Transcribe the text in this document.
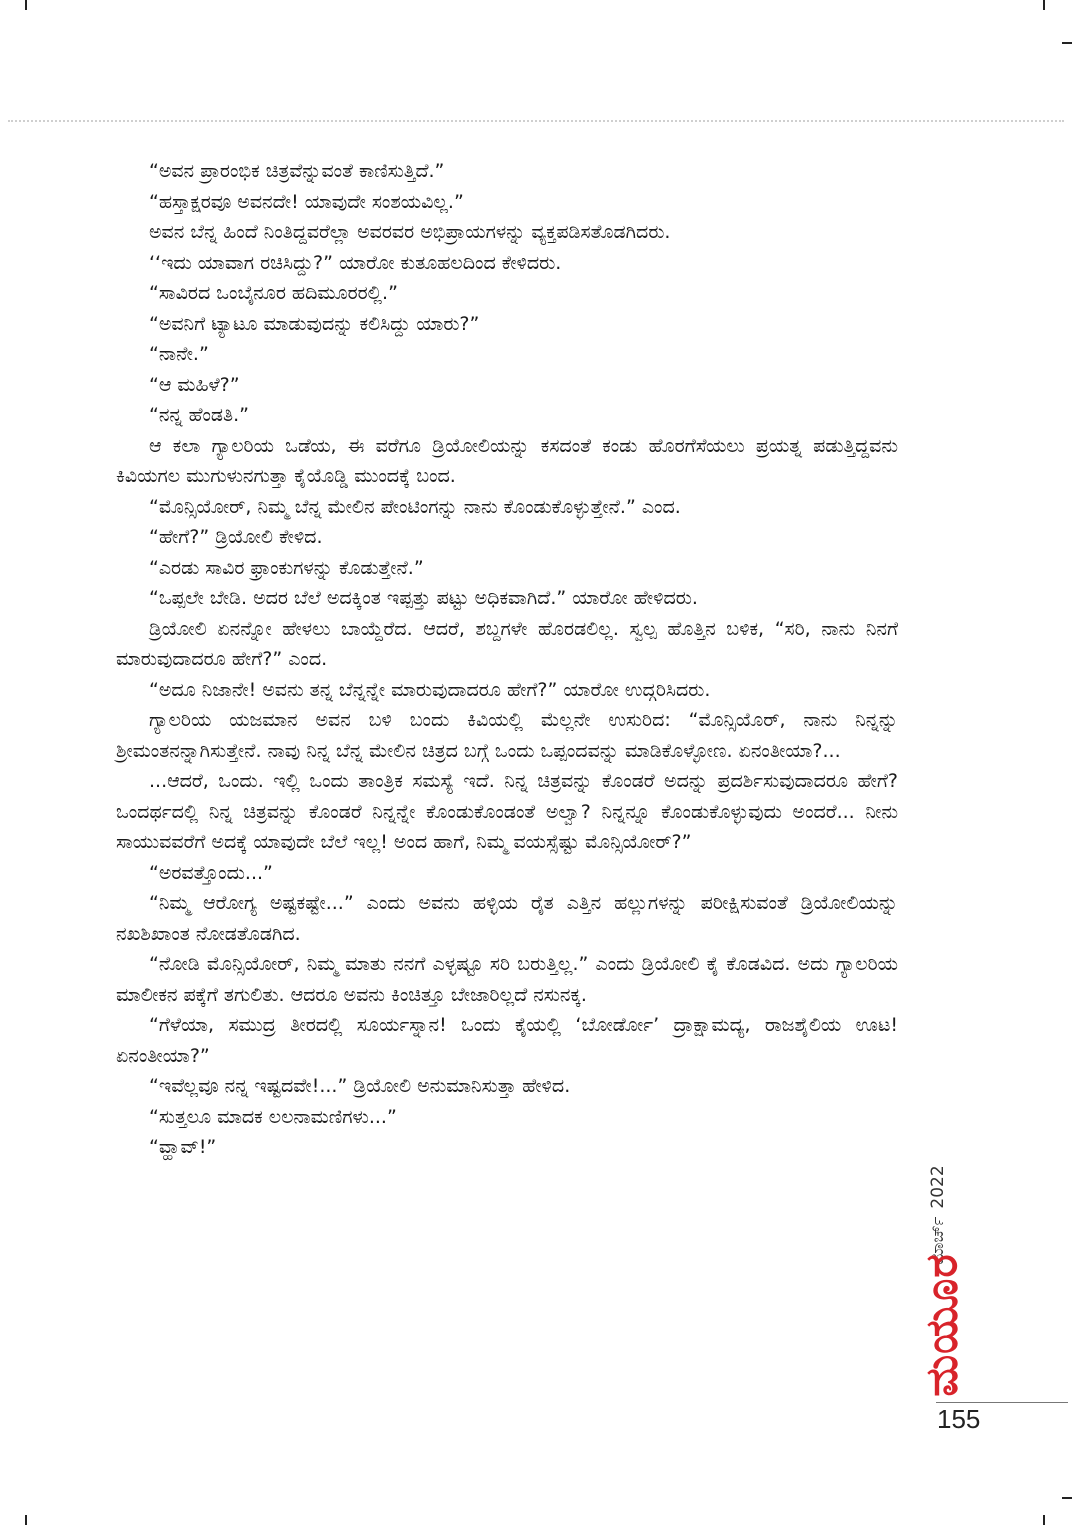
“ಅವನ ಪ್ರಾರಂಭಿಕ ಚಿತ್ರವೆನ್ನುವಂತೆ ಕಾಣಿಸುತ್ತಿದೆ.”

“ಹಸ್ತಾಕ್ಷರವೂ ಅವನದೇ! ಯಾವುದೇ ಸಂಶಯವಿಲ್ಲ.”

ಅವನ ಬೆನ್ನ ಹಿಂದೆ ನಿಂತಿದ್ದವರೆಲ್ಲಾ ಅವರವರ ಅಭಿಪ್ರಾಯಗಳನ್ನು ವ್ಯಕ್ತಪಡಿಸತೊಡಗಿದರು.

‘‘ಇದು ಯಾವಾಗ ರಚಿಸಿದ್ದು?” ಯಾರೋ ಕುತೂಹಲದಿಂದ ಕೇಳಿದರು.

“ಸಾವಿರದ ಒಂಬೈನೂರ ಹದಿಮೂರರಲ್ಲಿ.”

“ಅವನಿಗೆ ಟ್ಯಾಟೂ ಮಾಡುವುದನ್ನು ಕಲಿಸಿದ್ದು ಯಾರು?”

“ನಾನೇ.”

“ಆ ಮಹಿಳೆ?”

“ನನ್ನ ಹೆಂಡತಿ.”

ಆ ಕಲಾ ಗ್ಯಾಲರಿಯ ಒಡೆಯ, ಈ ವರೆಗೂ ಡ್ರಿಯೋಲಿಯನ್ನು ಕಸದಂತೆ ಕಂಡು ಹೊರಗೆಸೆಯಲು ಪ್ರಯತ್ನ ಪಡುತ್ತಿದ್ದವನು ಕಿವಿಯಗಲ ಮುಗುಳುನಗುತ್ತಾ ಕೈಯೊಡ್ಡಿ ಮುಂದಕ್ಕೆ ಬಂದ.

“ಮೊನ್ಸಿಯೋರ್, ನಿಮ್ಮ ಬೆನ್ನ ಮೇಲಿನ ಪೇಂಟಿಂಗನ್ನು ನಾನು ಕೊಂಡುಕೊಳ್ಳುತ್ತೇನೆ.” ಎಂದ.

“ಹೇಗೆ?” ಡ್ರಿಯೋಲಿ ಕೇಳಿದ.

“ಎರಡು ಸಾವಿರ ಫ್ರಾಂಕುಗಳನ್ನು ಕೊಡುತ್ತೇನೆ.”

“ಒಪ್ಪಲೇ ಬೇಡಿ. ಅದರ ಬೆಲೆ ಅದಕ್ಕಿಂತ ಇಪ್ಪತ್ತು ಪಟ್ಟು ಅಧಿಕವಾಗಿದೆ.” ಯಾರೋ ಹೇಳಿದರು.

ಡ್ರಿಯೋಲಿ ಏನನ್ನೋ ಹೇಳಲು ಬಾಯ್ದೆರೆದ. ಆದರೆ, ಶಬ್ದಗಳೇ ಹೊರಡಲಿಲ್ಲ. ಸ್ವಲ್ಪ ಹೊತ್ತಿನ ಬಳಿಕ, “ಸರಿ, ನಾನು ನಿನಗೆ ಮಾರುವುದಾದರೂ ಹೇಗೆ?” ಎಂದ.

“ಅದೂ ನಿಜಾನೇ! ಅವನು ತನ್ನ ಬೆನ್ನನ್ನೇ ಮಾರುವುದಾದರೂ ಹೇಗೆ?” ಯಾರೋ ಉದ್ಗರಿಸಿದರು.

ಗ್ಯಾಲರಿಯ ಯಜಮಾನ ಅವನ ಬಳಿ ಬಂದು ಕಿವಿಯಲ್ಲಿ ಮೆಲ್ಲನೇ ಉಸುರಿದ: “ಮೊನ್ಸಿಯೊರ್, ನಾನು ನಿನ್ನನ್ನು ಶ್ರೀಮಂತನನ್ನಾಗಿಸುತ್ತೇನೆ. ನಾವು ನಿನ್ನ ಬೆನ್ನ ಮೇಲಿನ ಚಿತ್ರದ ಬಗ್ಗೆ ಒಂದು ಒಪ್ಪಂದವನ್ನು ಮಾಡಿಕೊಳ್ಳೋಣ. ಏನಂತೀಯಾ?...

...ಆದರೆ, ಒಂದು. ಇಲ್ಲಿ ಒಂದು ತಾಂತ್ರಿಕ ಸಮಸ್ಯೆ ಇದೆ. ನಿನ್ನ ಚಿತ್ರವನ್ನು ಕೊಂಡರೆ ಅದನ್ನು ಪ್ರದರ್ಶಿಸುವುದಾದರೂ ಹೇಗೆ? ಒಂದರ್ಥದಲ್ಲಿ ನಿನ್ನ ಚಿತ್ರವನ್ನು ಕೊಂಡರೆ ನಿನ್ನನ್ನೇ ಕೊಂಡುಕೊಂಡಂತೆ ಅಲ್ವಾ? ನಿನ್ನನ್ನೂ ಕೊಂಡುಕೊಳ್ಳುವುದು ಅಂದರೆ... ನೀನು ಸಾಯುವವರೆಗೆ ಅದಕ್ಕೆ ಯಾವುದೇ ಬೆಲೆ ಇಲ್ಲ! ಅಂದ ಹಾಗೆ, ನಿಮ್ಮ ವಯಸ್ಸೆಷ್ಟು ಮೊನ್ಸಿಯೋರ್?”

“ಅರವತ್ತೊಂದು...”

“ನಿಮ್ಮ ಆರೋಗ್ಯ ಅಷ್ಟಕಷ್ಟೇ...” ಎಂದು ಅವನು ಹಳ್ಳಿಯ ರೈತ ಎತ್ತಿನ ಹಲ್ಲುಗಳನ್ನು ಪರೀಕ್ಷಿಸುವಂತೆ ಡ್ರಿಯೋಲಿಯನ್ನು ನಖಶಿಖಾಂತ ನೋಡತೊಡಗಿದ.

“ನೋಡಿ ಮೊನ್ಸಿಯೋರ್, ನಿಮ್ಮ ಮಾತು ನನಗೆ ಎಳ್ಳಷ್ಟೂ ಸರಿ ಬರುತ್ತಿಲ್ಲ.” ಎಂದು ಡ್ರಿಯೋಲಿ ಕೈ ಕೊಡವಿದ. ಅದು ಗ್ಯಾಲರಿಯ ಮಾಲೀಕನ ಪಕ್ಕೆಗೆ ತಗುಲಿತು. ಆದರೂ ಅವನು ಕಿಂಚಿತ್ತೂ ಬೇಜಾರಿಲ್ಲದೆ ನಸುನಕ್ಕ.

“ಗೆಳೆಯಾ, ಸಮುದ್ರ ತೀರದಲ್ಲಿ ಸೂರ್ಯಸ್ನಾನ! ಒಂದು ಕೈಯಲ್ಲಿ ‘ಬೋರ್ಡೋ’ ದ್ರಾಕ್ಷಾಮದ್ಯ, ರಾಜಶೈಲಿಯ ಊಟ! ಏನಂತೀಯಾ?”

“ಇವೆಲ್ಲವೂ ನನ್ನ ಇಷ್ಟದವೇ!...” ಡ್ರಿಯೋಲಿ ಅನುಮಾನಿಸುತ್ತಾ ಹೇಳಿದ.

“ಸುತ್ತಲೂ ಮಾದಕ ಲಲನಾಮಣಿಗಳು...”

“ವ್ಹಾವ್!”

ಮಾರ್ಚ್2022
ಮಯೂರ
155
